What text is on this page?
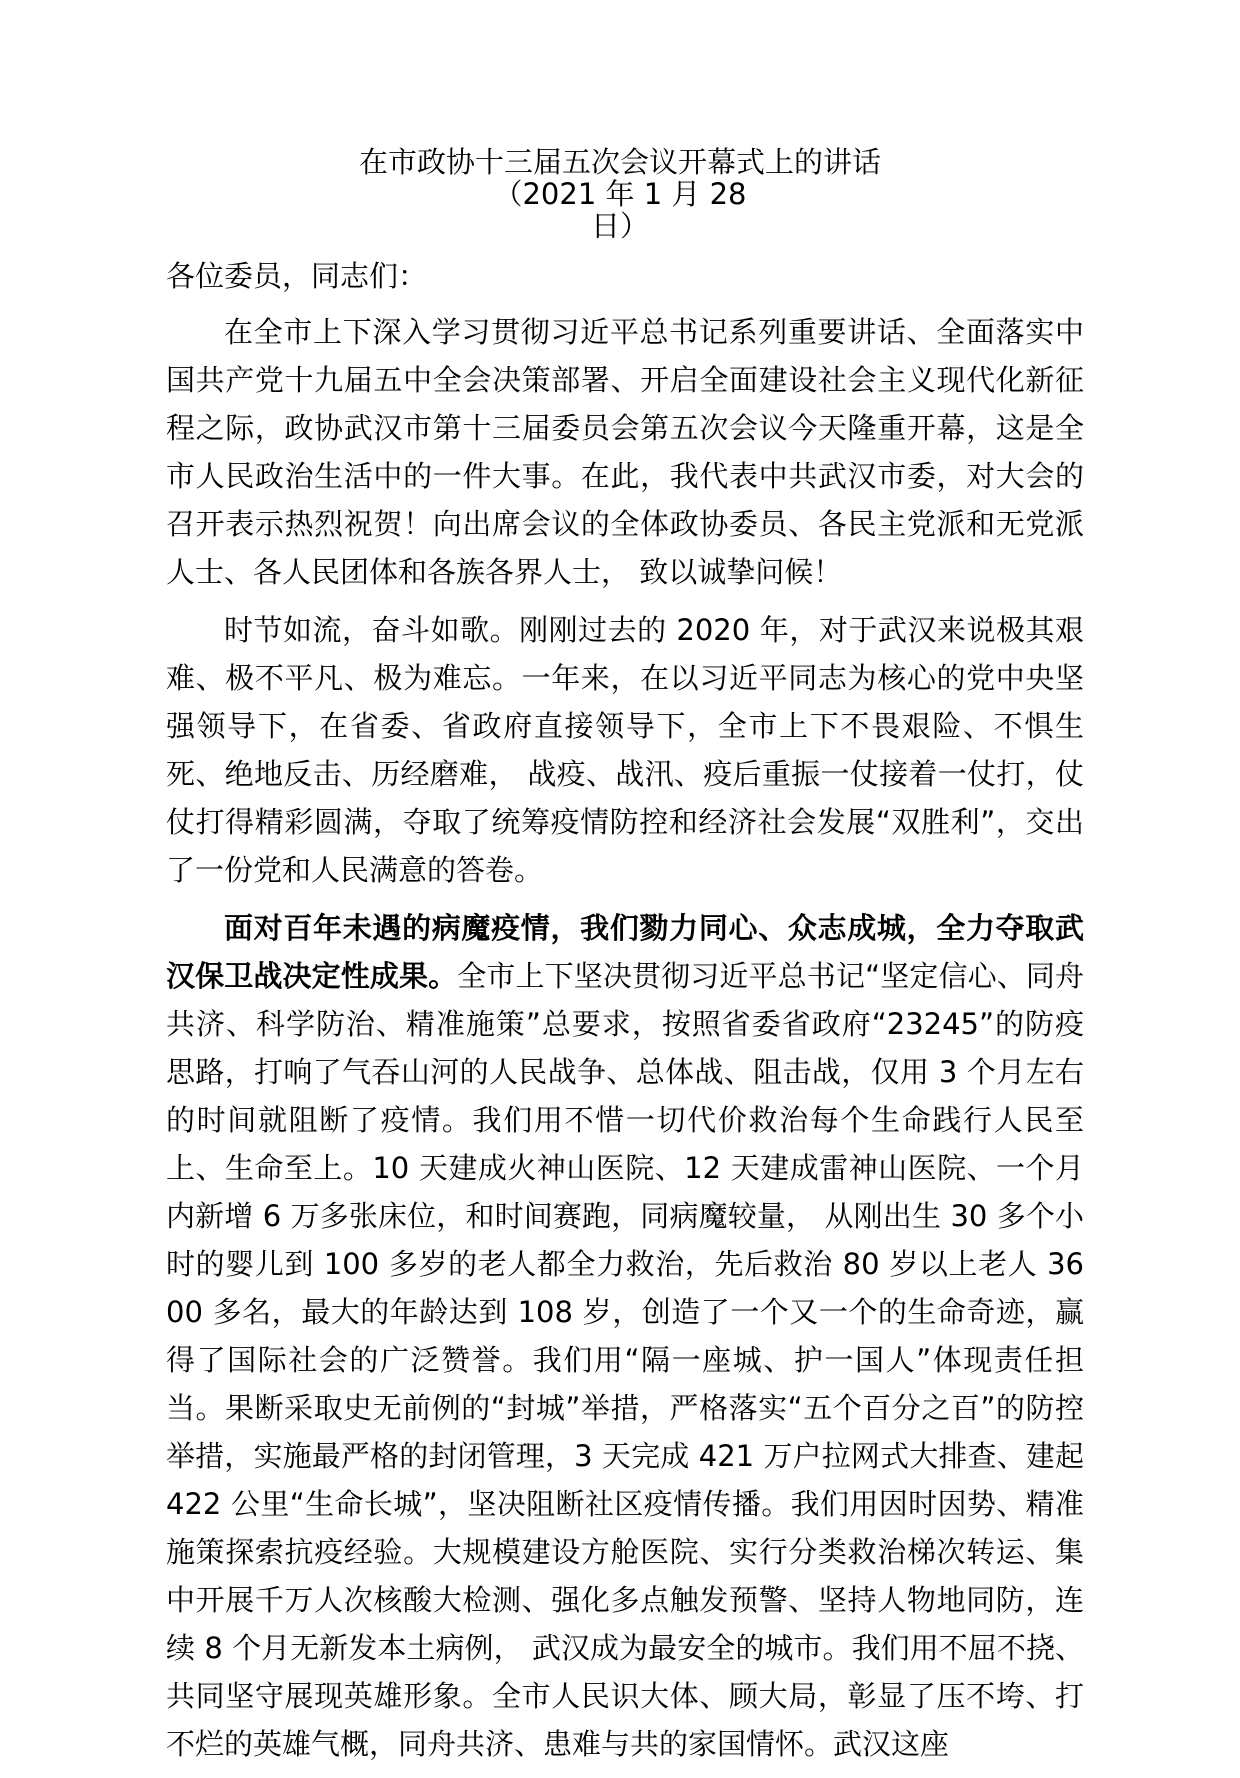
在市政协十三届五次会议开幕式上的讲话
（2021 年 1 月 28
日）
各位委员，同志们：

在全市上下深入学习贯彻习近平总书记系列重要讲话、全面落实中国共产党十九届五中全会决策部署、开启全面建设社会主义现代化新征程之际，政协武汉市第十三届委员会第五次会议今天隆重开幕，这是全市人民政治生活中的一件大事。在此，我代表中共武汉市委，对大会的召开表示热烈祝贺！向出席会议的全体政协委员、各民主党派和无党派人士、各人民团体和各族各界人士， 致以诚挚问候！

时节如流，奋斗如歌。刚刚过去的 2020 年，对于武汉来说极其艰难、极不平凡、极为难忘。一年来，在以习近平同志为核心的党中央坚强领导下，在省委、省政府直接领导下，全市上下不畏艰险、不惧生死、绝地反击、历经磨难， 战疫、战汛、疫后重振一仗接着一仗打，仗仗打得精彩圆满，夺取了统筹疫情防控和经济社会发展“双胜利”，交出了一份党和人民满意的答卷。

面对百年未遇的病魔疫情，我们勠力同心、众志成城，全力夺取武汉保卫战决定性成果。全市上下坚决贯彻习近平总书记“坚定信心、同舟共济、科学防治、精准施策”总要求，按照省委省政府“23245”的防疫思路，打响了气吞山河的人民战争、总体战、阻击战，仅用 3 个月左右的时间就阻断了疫情。我们用不惜一切代价救治每个生命践行人民至上、生命至上。10 天建成火神山医院、12 天建成雷神山医院、一个月内新增 6 万多张床位，和时间赛跑，同病魔较量， 从刚出生 30 多个小时的婴儿到 100 多岁的老人都全力救治，先后救治 80 岁以上老人 3600 多名，最大的年龄达到 108 岁，创造了一个又一个的生命奇迹，赢得了国际社会的广泛赞誉。我们用“隔一座城、护一国人”体现责任担当。果断采取史无前例的“封城”举措，严格落实“五个百分之百”的防控举措，实施最严格的封闭管理，3 天完成 421 万户拉网式大排查、建起 422 公里“生命长城”，坚决阻断社区疫情传播。我们用因时因势、精准施策探索抗疫经验。大规模建设方舱医院、实行分类救治梯次转运、集中开展千万人次核酸大检测、强化多点触发预警、坚持人物地同防，连续 8 个月无新发本土病例， 武汉成为最安全的城市。我们用不屈不挠、共同坚守展现英雄形象。全市人民识大体、顾大局，彰显了压不垮、打不烂的英雄气概，同舟共济、患难与共的家国情怀。武汉这座
